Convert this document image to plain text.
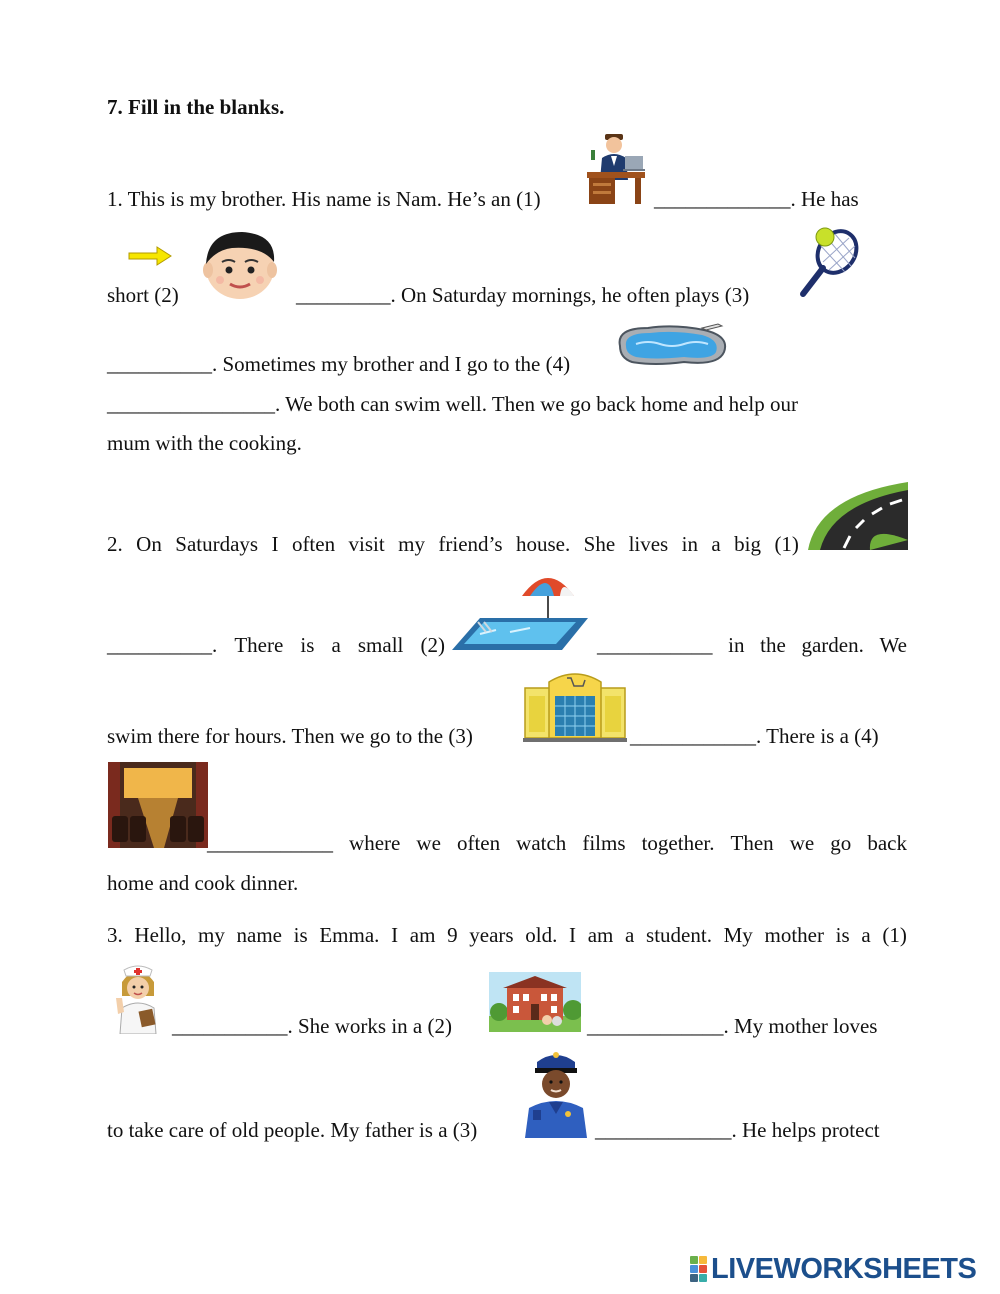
7. Fill in the blanks.
1. This is my brother. His name is Nam. He’s an (1)	_____________. He has
short (2)	_________. On Saturday mornings, he often plays (3)
__________. Sometimes my brother and I go to the (4)
________________. We both can swim well. Then we go back home and help our
mum with the cooking.
2. On Saturdays I often visit my friend’s house. She lives in a big (1)
__________. There is a small (2)	___________ in the garden. We
swim there for hours. Then we go to the (3)	____________. There is a (4)
____________ where we often watch films together. Then we go back
home and cook dinner.
3. Hello, my name is Emma. I am 9 years old. I am a student. My mother is a (1)
___________. She works in a (2)	_____________. My mother loves
to take care of old people. My father is a (3)	_____________. He helps protect
LIVEWORKSHEETS
